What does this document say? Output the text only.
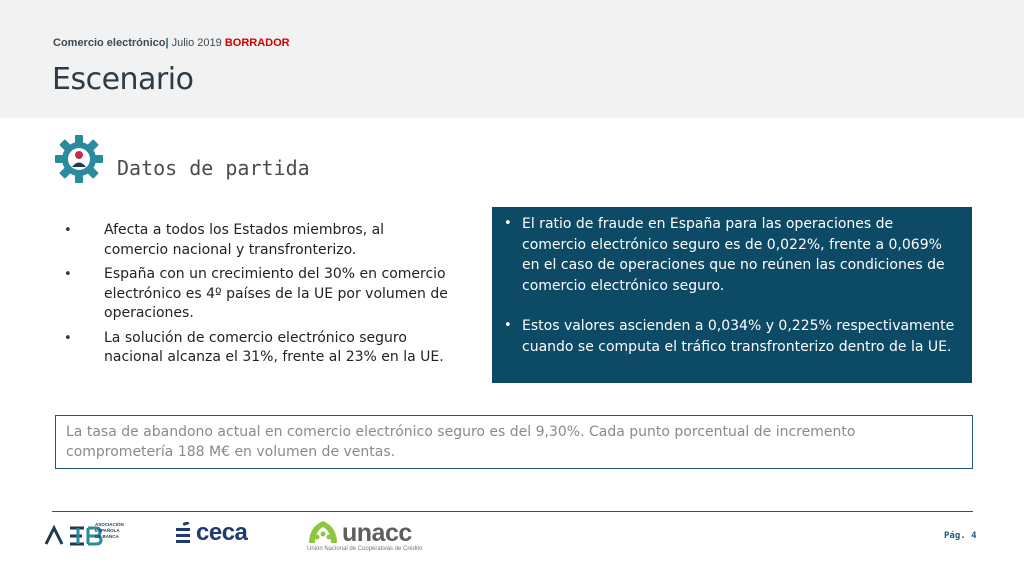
Comercio electrónico| Julio 2019 BORRADOR
Escenario
Datos de partida
• Afecta a todos los Estados miembros, al comercio nacional y transfronterizo.
• España con un crecimiento del 30% en comercio electrónico es 4º países de la UE por volumen de operaciones.
• La solución de comercio electrónico seguro nacional alcanza el 31%, frente al 23% en la UE.
• El ratio de fraude en España para las operaciones de comercio electrónico seguro es de 0,022%, frente a 0,069% en el caso de operaciones que no reúnen las condiciones de comercio electrónico seguro.
• Estos valores ascienden a 0,034% y 0,225% respectivamente cuando se computa el tráfico transfronterizo dentro de la UE.
La tasa de abandono actual en comercio electrónico seguro es del 9,30%. Cada punto porcentual de incremento comprometería 188 M€ en volumen de ventas.
ASOCIACIÓN
ESPAÑOLA
DE BANCA	ceca	unacc
Unión Nacional de Cooperativas de Crédito
Pág. 4
